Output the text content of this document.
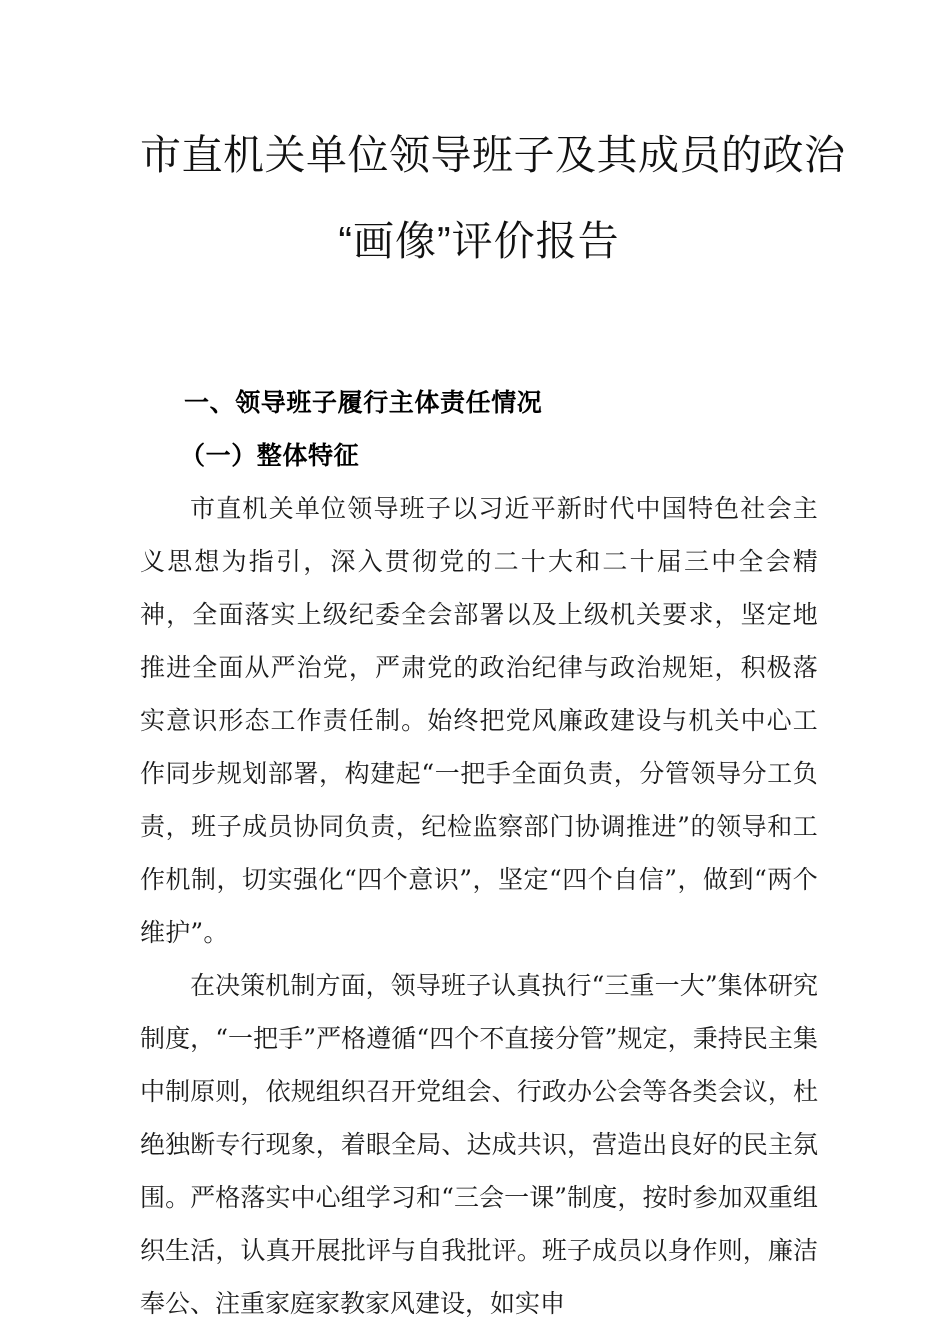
市直机关单位领导班子及其成员的政治
“画像”评价报告
一、领导班子履行主体责任情况
（一）整体特征

市直机关单位领导班子以习近平新时代中国特色社会主义思想为指引，深入贯彻党的二十大和二十届三中全会精神，全面落实上级纪委全会部署以及上级机关要求，坚定地推进全面从严治党，严肃党的政治纪律与政治规矩，积极落实意识形态工作责任制。始终把党风廉政建设与机关中心工作同步规划部署，构建起“一把手全面负责，分管领导分工负责，班子成员协同负责，纪检监察部门协调推进”的领导和工作机制，切实强化“四个意识”，坚定“四个自信”，做到“两个维护”。

在决策机制方面，领导班子认真执行“三重一大”集体研究制度，“一把手”严格遵循“四个不直接分管”规定，秉持民主集中制原则，依规组织召开党组会、行政办公会等各类会议，杜绝独断专行现象，着眼全局、达成共识，营造出良好的民主氛围。严格落实中心组学习和“三会一课”制度，按时参加双重组织生活，认真开展批评与自我批评。班子成员以身作则，廉洁奉公、注重家庭家教家风建设，如实申
